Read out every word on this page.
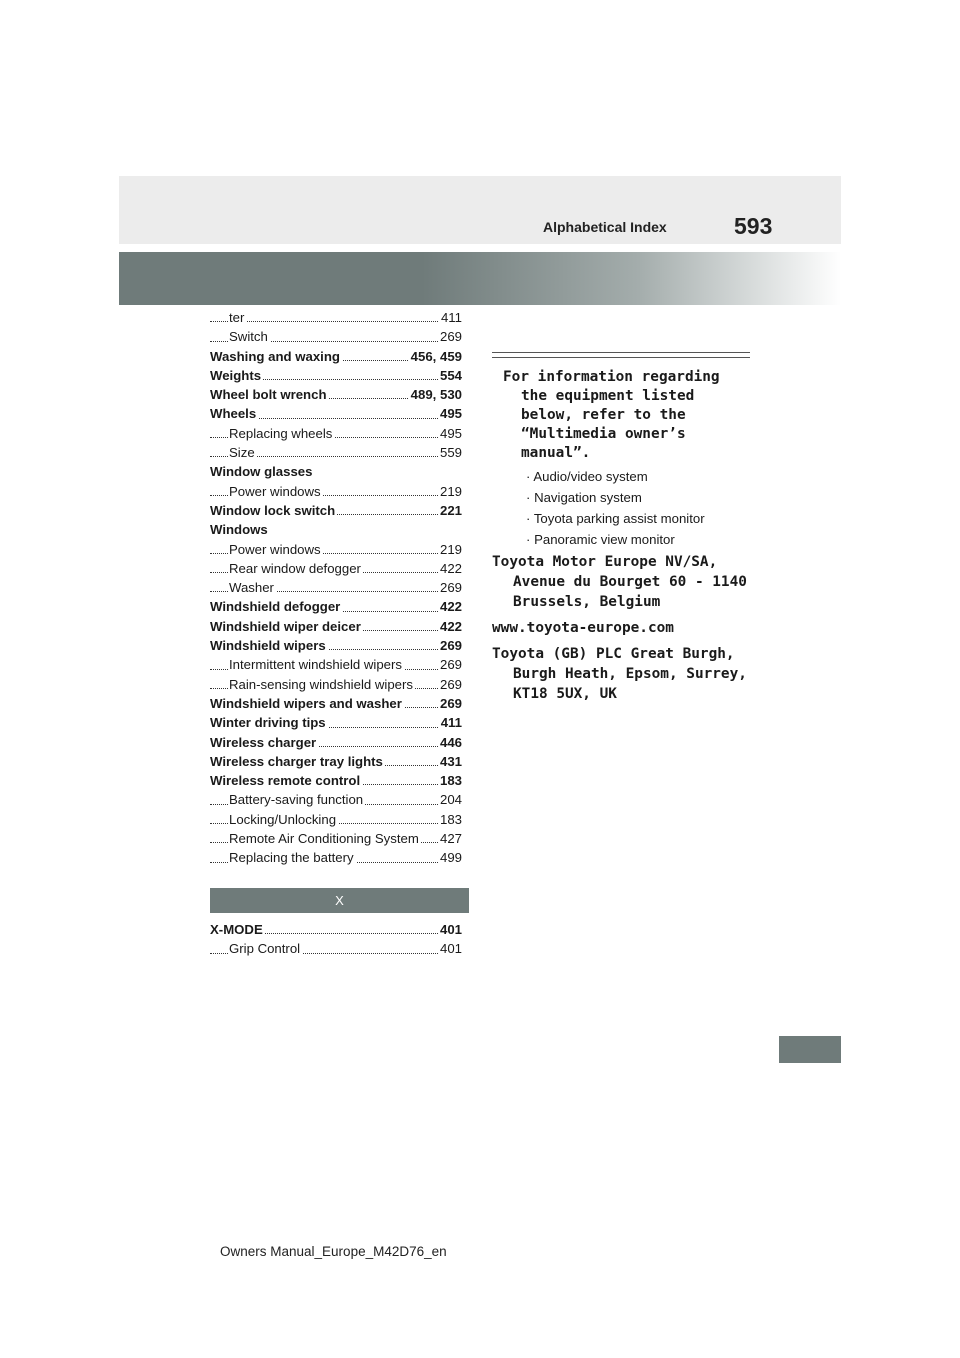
Alphabetical Index	593
ter	411
Switch	269
Washing and waxing	456, 459
Weights	554
Wheel bolt wrench	489, 530
Wheels	495
Replacing wheels	495
Size	559
Window glasses
Power windows	219
Window lock switch	221
Windows
Power windows	219
Rear window defogger	422
Washer	269
Windshield defogger	422
Windshield wiper deicer	422
Windshield wipers	269
Intermittent windshield wipers	269
Rain-sensing windshield wipers 269
Windshield wipers and washer	269
Winter driving tips	411
Wireless charger	446
Wireless charger tray lights	431
Wireless remote control	183
Battery-saving function	204
Locking/Unlocking	183
Remote Air Conditioning System 427
Replacing the battery	499
X
X-MODE	401
Grip Control	401
For information regarding the equipment listed below, refer to the “Multimedia owner’s manual”.
· Audio/video system
· Navigation system
· Toyota parking assist monitor
· Panoramic view monitor
Toyota Motor Europe NV/SA, Avenue du Bourget 60 - 1140 Brussels, Belgium
www.toyota-europe.com
Toyota (GB) PLC Great Burgh, Burgh Heath, Epsom, Surrey, KT18 5UX, UK
Owners Manual_Europe_M42D76_en
